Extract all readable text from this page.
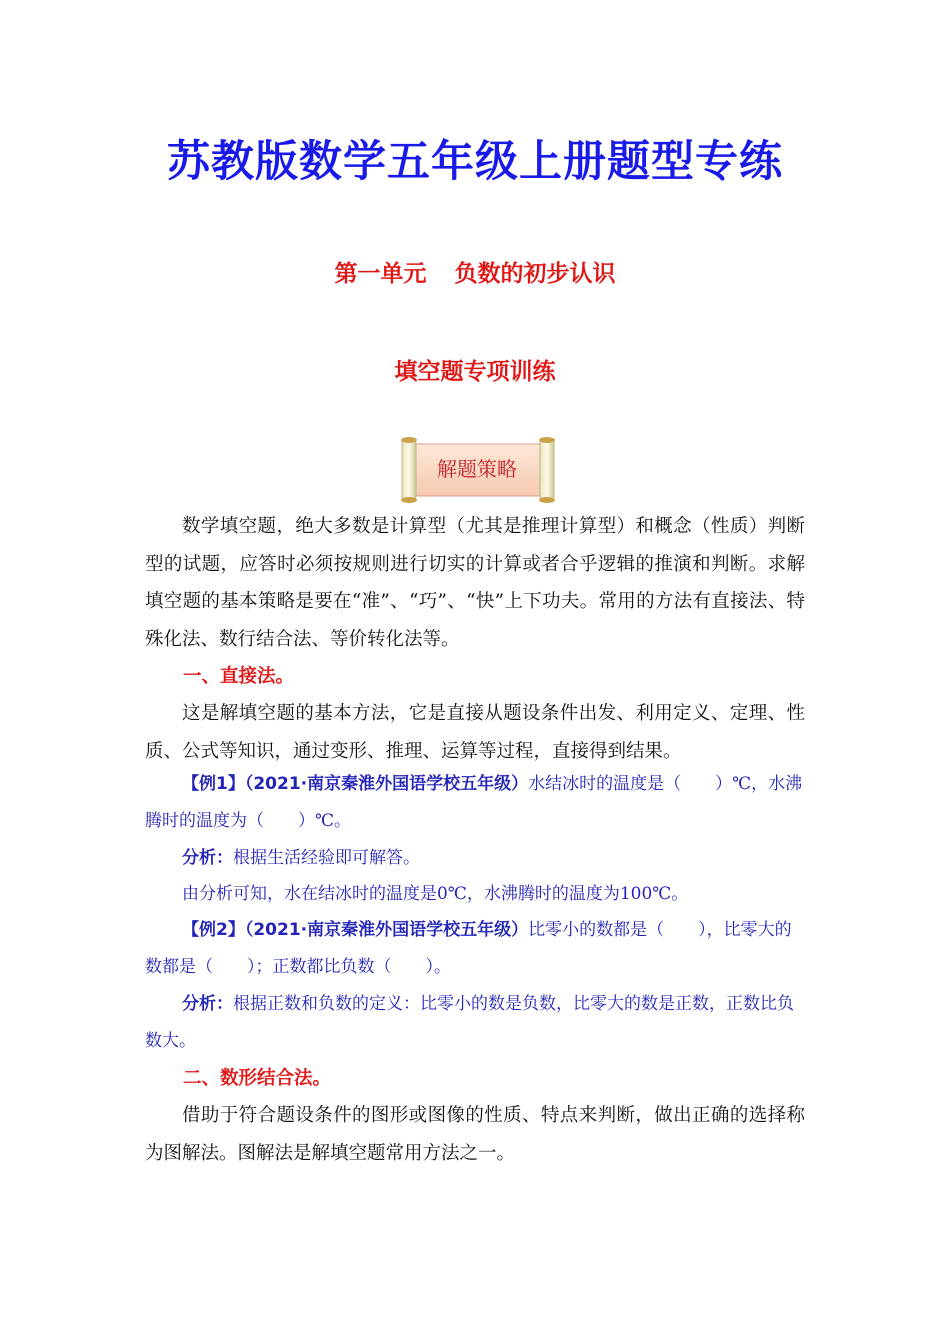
苏教版数学五年级上册题型专练
第一单元 负数的初步认识
填空题专项训练
解题策略

数学填空题，绝大多数是计算型（尤其是推理计算型）和概念（性质）判断型的试题，应答时必须按规则进行切实的计算或者合乎逻辑的推演和判断。求解填空题的基本策略是要在“准”、“巧”、“快”上下功夫。常用的方法有直接法、特殊化法、数行结合法、等价转化法等。

一、直接法。

这是解填空题的基本方法，它是直接从题设条件出发、利用定义、定理、性质、公式等知识，通过变形、推理、运算等过程，直接得到结果。

【例1】（2021·南京秦淮外国语学校五年级）水结冰时的温度是（　　）℃，水沸腾时的温度为（　　）℃。

分析：根据生活经验即可解答。

由分析可知，水在结冰时的温度是0℃，水沸腾时的温度为100℃。

【例2】（2021·南京秦淮外国语学校五年级）比零小的数都是（　　），比零大的数都是（　　）；正数都比负数（　　）。

分析：根据正数和负数的定义：比零小的数是负数，比零大的数是正数，正数比负数大。

二、数形结合法。

借助于符合题设条件的图形或图像的性质、特点来判断，做出正确的选择称为图解法。图解法是解填空题常用方法之一。
